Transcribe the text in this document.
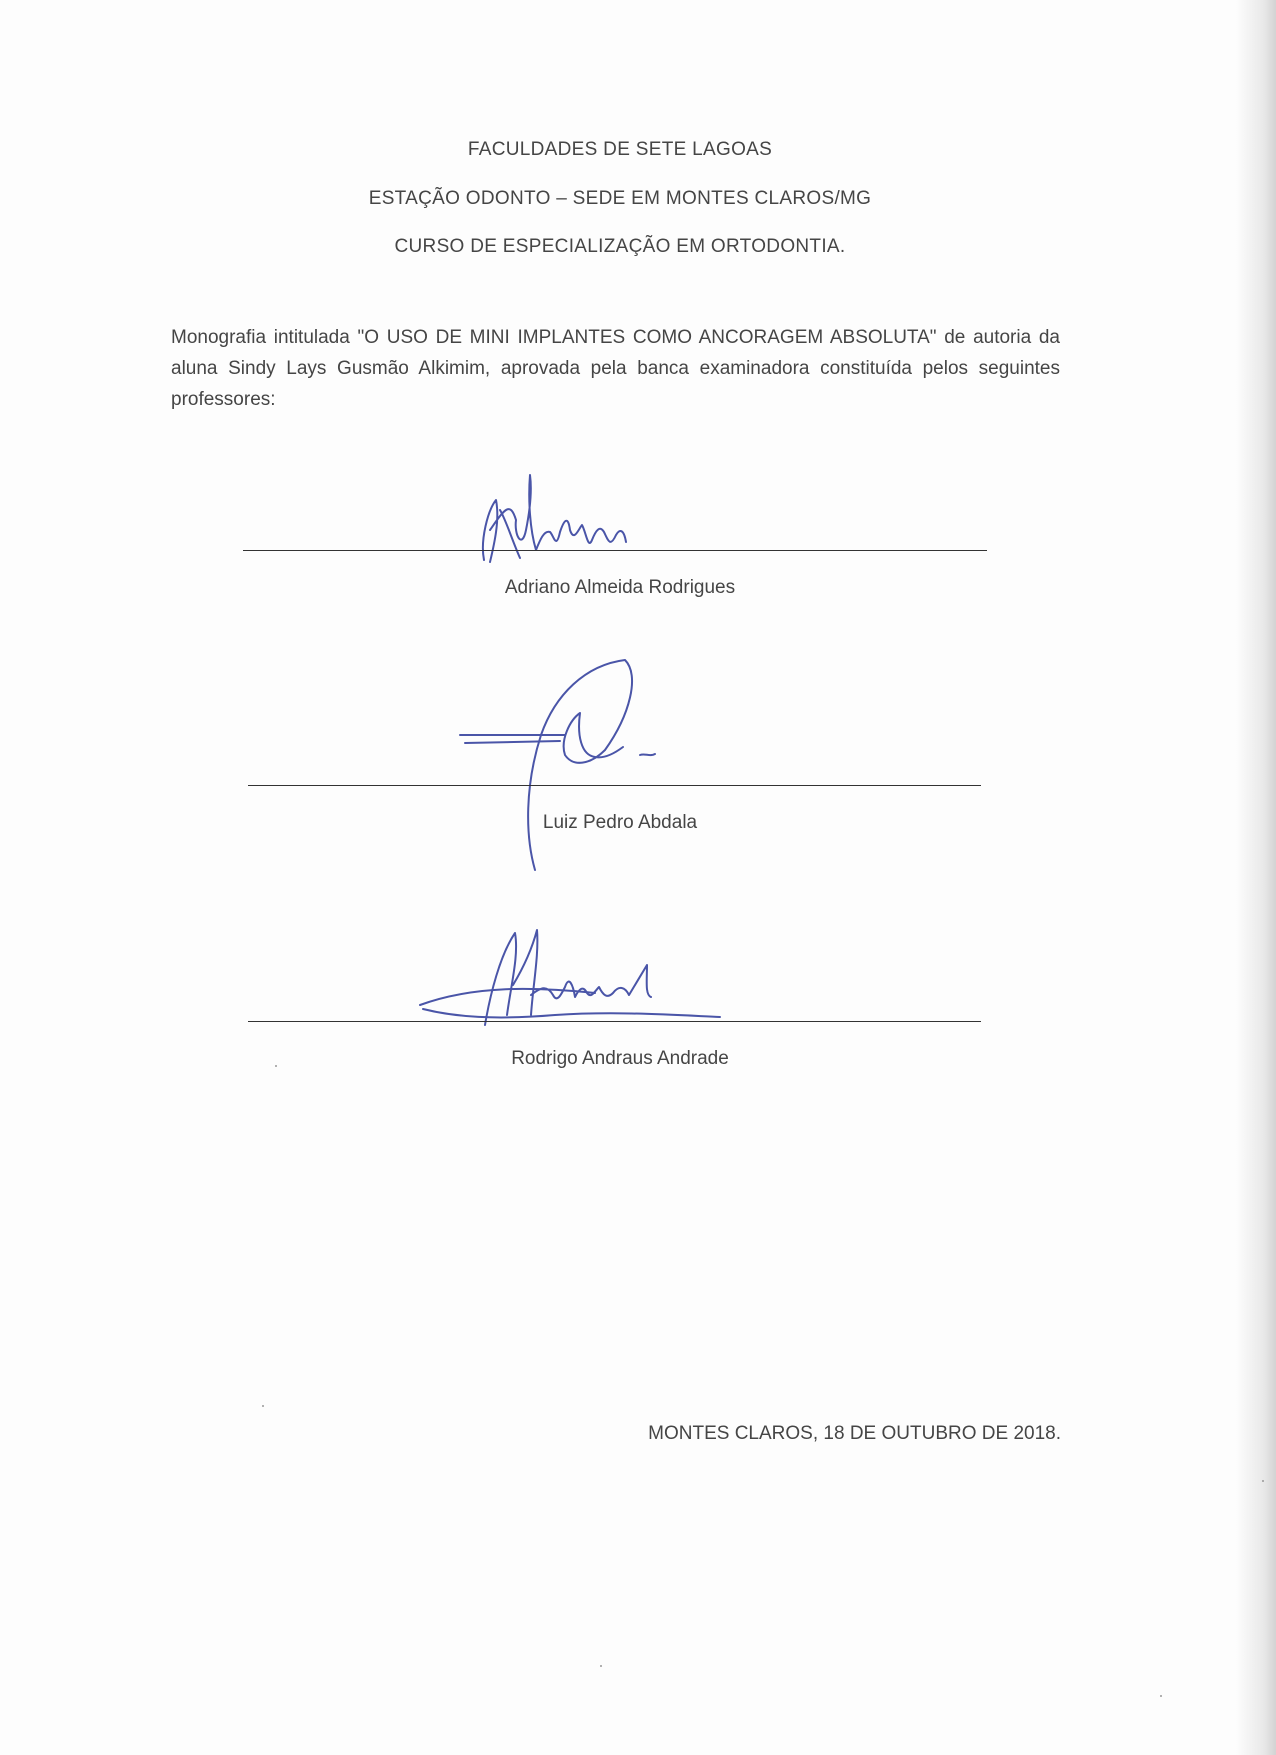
FACULDADES DE SETE LAGOAS
ESTAÇÃO ODONTO – SEDE EM MONTES CLAROS/MG
CURSO DE ESPECIALIZAÇÃO EM ORTODONTIA.
Monografia intitulada "O USO DE MINI IMPLANTES COMO ANCORAGEM ABSOLUTA" de autoria da aluna Sindy Lays Gusmão Alkimim, aprovada pela banca examinadora constituída pelos seguintes professores:
Adriano Almeida Rodrigues
Luiz Pedro Abdala
Rodrigo Andraus Andrade
MONTES CLAROS, 18 DE OUTUBRO DE 2018.
